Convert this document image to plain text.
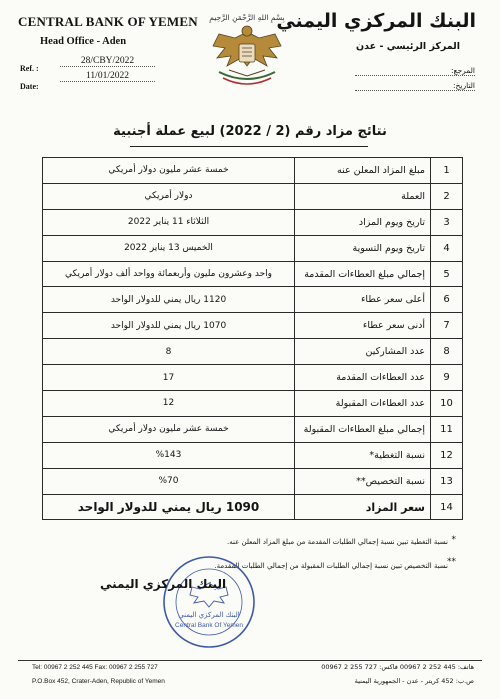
CENTRAL BANK OF YEMEN
Head Office - Aden
Ref. :
28/CBY/2022
Date:
11/01/2022
بِسْمِ اللهِ الرَّحْمَنِ الرَّحِيمِ
البنك المركزي اليمني
المركز الرئيسي - عدن
المرجع:
التاريخ:
نتائج مزاد رقم (2 / 2022) لبيع عملة أجنبية
1	مبلغ المزاد المعلن عنه	خمسة عشر مليون دولار أمريكي
2	العملة	دولار أمريكي
3	تاريخ ويوم المزاد	الثلاثاء 11 يناير 2022
4	تاريخ ويوم التسوية	الخميس 13 يناير 2022
5	إجمالي مبلغ العطاءات المقدمة	واحد وعشرون مليون وأربعمائة وواحد ألف دولار أمريكي
6	أعلى سعر عطاء	1120 ريال يمني للدولار الواحد
7	أدنى سعر عطاء	1070 ريال يمني للدولار الواحد
8	عدد المشاركين	8
9	عدد العطاءات المقدمة	17
10	عدد العطاءات المقبولة	12
11	إجمالي مبلغ العطاءات المقبولة	خمسة عشر مليون دولار أمريكي
12	نسبة التغطية*	%143
13	نسبة التخصيص**	%70
14	سعر المزاد	1090 ريال يمني للدولار الواحد
*
نسبة التغطية تبين نسبة إجمالي الطلبات المقدمة من مبلغ المزاد المعلن عنه.
**
نسبة التخصيص تبين نسبة إجمالي الطلبات المقبولة من إجمالي الطلبات المقدمة.
البنك المركزي اليمني
Central Bank Of Yemen
البنك المركزي اليمني
Tel: 00967 2 252 445 Fax: 00967 2 255 727
P.O.Box 452, Crater-Aden, Republic of Yemen
هاتف: 445 252 2 00967 فاكس: 727 255 2 00967
ص.ب: 452 كريتر - عدن - الجمهورية اليمنية
